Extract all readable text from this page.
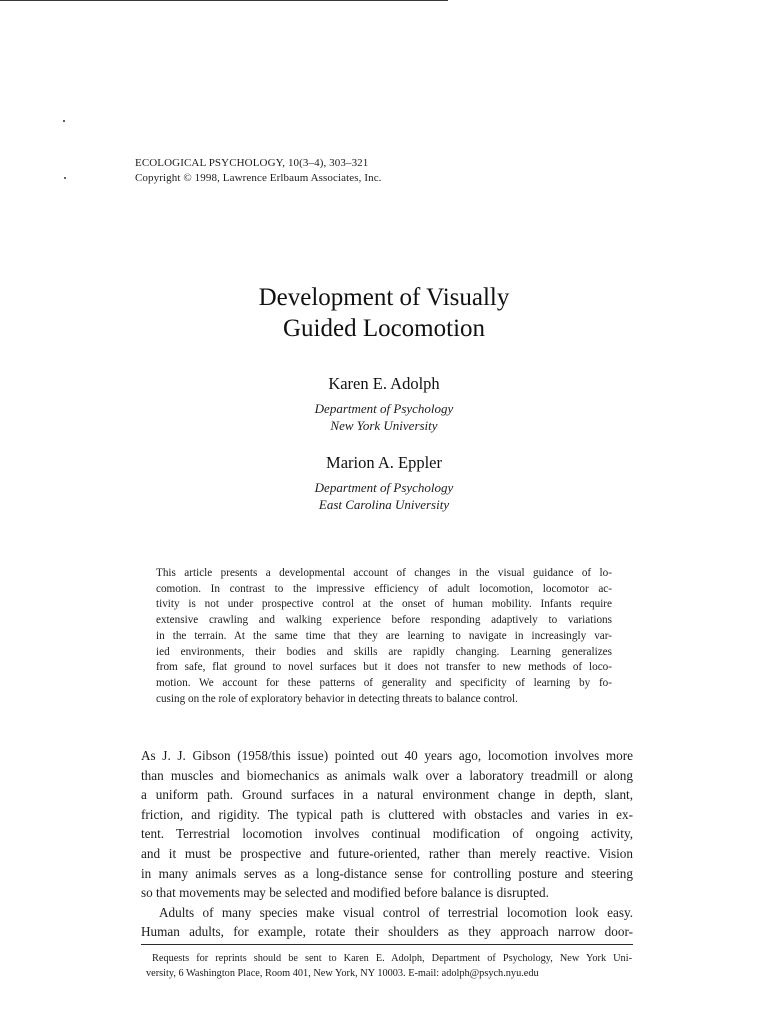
ECOLOGICAL PSYCHOLOGY, 10(3–4), 303–321
Copyright © 1998, Lawrence Erlbaum Associates, Inc.
Development of Visually
Guided Locomotion
Karen E. Adolph
Department of Psychology
New York University
Marion A. Eppler
Department of Psychology
East Carolina University
This article presents a developmental account of changes in the visual guidance of lo-
comotion. In contrast to the impressive efficiency of adult locomotion, locomotor ac-
tivity is not under prospective control at the onset of human mobility. Infants require
extensive crawling and walking experience before responding adaptively to variations
in the terrain. At the same time that they are learning to navigate in increasingly var-
ied environments, their bodies and skills are rapidly changing. Learning generalizes
from safe, flat ground to novel surfaces but it does not transfer to new methods of loco-
motion. We account for these patterns of generality and specificity of learning by fo-
cusing on the role of exploratory behavior in detecting threats to balance control.
As J. J. Gibson (1958/this issue) pointed out 40 years ago, locomotion involves more
than muscles and biomechanics as animals walk over a laboratory treadmill or along
a uniform path. Ground surfaces in a natural environment change in depth, slant,
friction, and rigidity. The typical path is cluttered with obstacles and varies in ex-
tent. Terrestrial locomotion involves continual modification of ongoing activity,
and it must be prospective and future-oriented, rather than merely reactive. Vision
in many animals serves as a long-distance sense for controlling posture and steering
so that movements may be selected and modified before balance is disrupted.
Adults of many species make visual control of terrestrial locomotion look easy.
Human adults, for example, rotate their shoulders as they approach narrow door-
Requests for reprints should be sent to Karen E. Adolph, Department of Psychology, New York Uni-
versity, 6 Washington Place, Room 401, New York, NY 10003. E-mail: adolph@psych.nyu.edu
